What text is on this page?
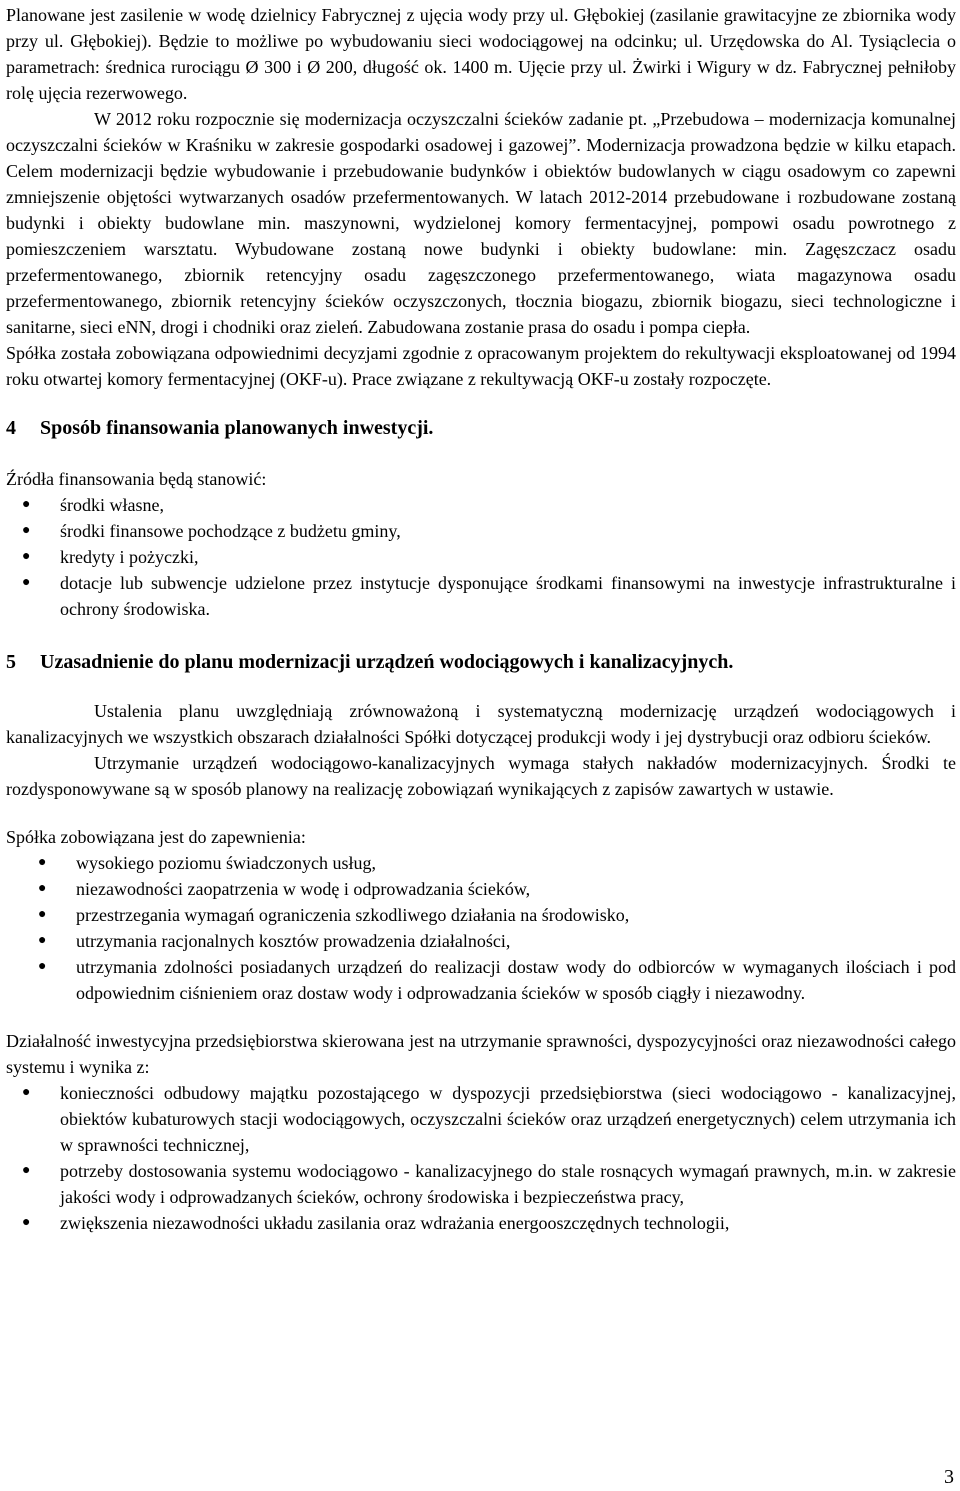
Planowane jest zasilenie w wodę dzielnicy Fabrycznej z ujęcia wody przy ul. Głębokiej (zasilanie grawitacyjne ze zbiornika wody przy ul. Głębokiej). Będzie to możliwe po wybudowaniu sieci wodociągowej na odcinku; ul. Urzędowska do Al. Tysiąclecia o parametrach: średnica rurociągu Ø 300 i Ø 200, długość ok. 1400 m. Ujęcie przy ul. Żwirki i Wigury w dz. Fabrycznej pełniłoby rolę ujęcia rezerwowego.

W 2012 roku rozpocznie się modernizacja oczyszczalni ścieków zadanie pt. „Przebudowa – modernizacja komunalnej oczyszczalni ścieków w Kraśniku w zakresie gospodarki osadowej i gazowej”. Modernizacja prowadzona będzie w kilku etapach. Celem modernizacji będzie wybudowanie i przebudowanie budynków i obiektów budowlanych w ciągu osadowym co zapewni zmniejszenie objętości wytwarzanych osadów przefermentowanych. W latach 2012-2014 przebudowane i rozbudowane zostaną budynki i obiekty budowlane min. maszynowni, wydzielonej komory fermentacyjnej, pompowi osadu powrotnego z pomieszczeniem warsztatu. Wybudowane zostaną nowe budynki i obiekty budowlane: min. Zagęszczacz osadu przefermentowanego, zbiornik retencyjny osadu zagęszczonego przefermentowanego, wiata magazynowa osadu przefermentowanego, zbiornik retencyjny ścieków oczyszczonych, tłocznia biogazu, zbiornik biogazu, sieci technologiczne i sanitarne, sieci eNN, drogi i chodniki oraz zieleń. Zabudowana zostanie prasa do osadu i pompa ciepła.

Spółka została zobowiązana odpowiednimi decyzjami zgodnie z opracowanym projektem do rekultywacji eksploatowanej od 1994 roku otwartej komory fermentacyjnej (OKF-u). Prace związane z rekultywacją OKF-u zostały rozpoczęte.

4 Sposób finansowania planowanych inwestycji.

Źródła finansowania będą stanowić:

● środki własne,
● środki finansowe pochodzące z budżetu gminy,
● kredyty i pożyczki,
● dotacje lub subwencje udzielone przez instytucje dysponujące środkami finansowymi na inwestycje infrastrukturalne i ochrony środowiska.
5 Uzasadnienie do planu modernizacji urządzeń wodociągowych i kanalizacyjnych.

Ustalenia planu uwzględniają zrównoważoną i systematyczną modernizację urządzeń wodociągowych i kanalizacyjnych we wszystkich obszarach działalności Spółki dotyczącej produkcji wody i jej dystrybucji oraz odbioru ścieków.

Utrzymanie urządzeń wodociągowo-kanalizacyjnych wymaga stałych nakładów modernizacyjnych. Środki te rozdysponowywane są w sposób planowy na realizację zobowiązań wynikających z zapisów zawartych w ustawie.

Spółka zobowiązana jest do zapewnienia:

● wysokiego poziomu świadczonych usług,
● niezawodności zaopatrzenia w wodę i odprowadzania ścieków,
● przestrzegania wymagań ograniczenia szkodliwego działania na środowisko,
● utrzymania racjonalnych kosztów prowadzenia działalności,
● utrzymania zdolności posiadanych urządzeń do realizacji dostaw wody do odbiorców w wymaganych ilościach i pod odpowiednim ciśnieniem oraz dostaw wody i odprowadzania ścieków w sposób ciągły i niezawodny.

Działalność inwestycyjna przedsiębiorstwa skierowana jest na utrzymanie sprawności, dyspozycyjności oraz niezawodności całego systemu i wynika z:

● konieczności odbudowy majątku pozostającego w dyspozycji przedsiębiorstwa (sieci wodociągowo - kanalizacyjnej, obiektów kubaturowych stacji wodociągowych, oczyszczalni ścieków oraz urządzeń energetycznych) celem utrzymania ich w sprawności technicznej,
● potrzeby dostosowania systemu wodociągowo - kanalizacyjnego do stale rosnących wymagań prawnych, m.in. w zakresie jakości wody i odprowadzanych ścieków, ochrony środowiska i bezpieczeństwa pracy,
● zwiększenia niezawodności układu zasilania oraz wdrażania energooszczędnych technologii,
3
